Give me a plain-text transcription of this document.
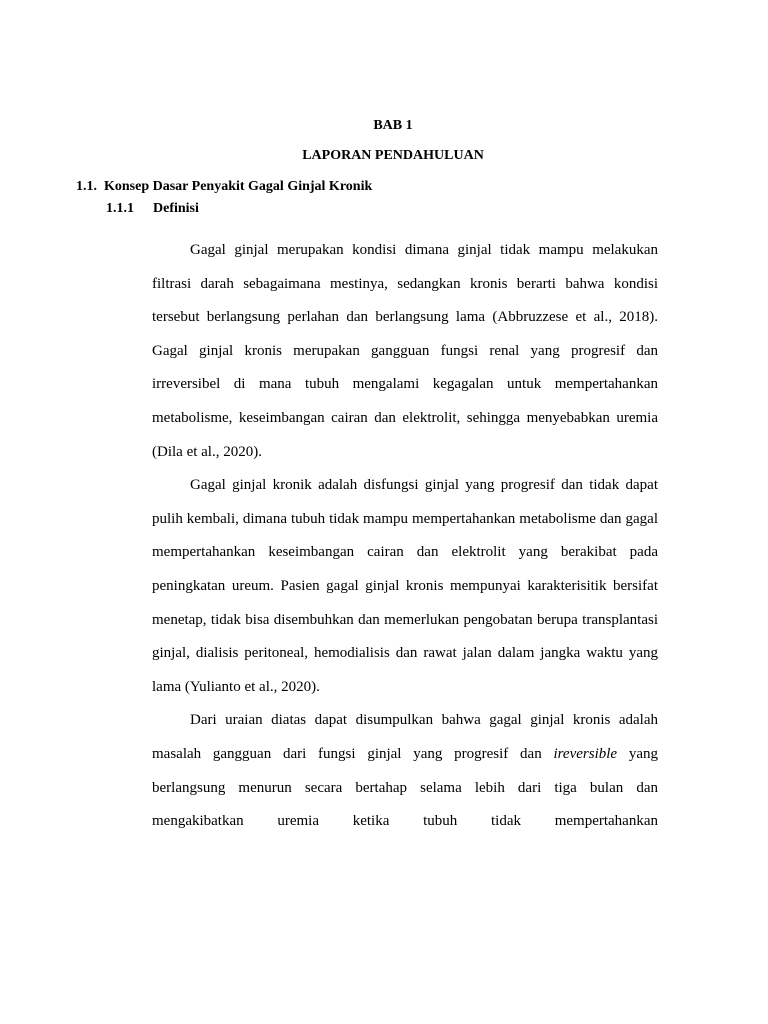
BAB 1
LAPORAN PENDAHULUAN
1.1. Konsep Dasar Penyakit Gagal Ginjal Kronik
1.1.1 Definisi

Gagal ginjal merupakan kondisi dimana ginjal tidak mampu melakukan filtrasi darah sebagaimana mestinya, sedangkan kronis berarti bahwa kondisi tersebut berlangsung perlahan dan berlangsung lama (Abbruzzese et al., 2018). Gagal ginjal kronis merupakan gangguan fungsi renal yang progresif dan irreversibel di mana tubuh mengalami kegagalan untuk mempertahankan metabolisme, keseimbangan cairan dan elektrolit, sehingga menyebabkan uremia (Dila et al., 2020).

Gagal ginjal kronik adalah disfungsi ginjal yang progresif dan tidak dapat pulih kembali, dimana tubuh tidak mampu mempertahankan metabolisme dan gagal mempertahankan keseimbangan cairan dan elektrolit yang berakibat pada peningkatan ureum. Pasien gagal ginjal kronis mempunyai karakterisitik bersifat menetap, tidak bisa disembuhkan dan memerlukan pengobatan berupa transplantasi ginjal, dialisis peritoneal, hemodialisis dan rawat jalan dalam jangka waktu yang lama (Yulianto et al., 2020).

Dari uraian diatas dapat disumpulkan bahwa gagal ginjal kronis adalah masalah gangguan dari fungsi ginjal yang progresif dan ireversible yang berlangsung menurun secara bertahap selama lebih dari tiga bulan dan mengakibatkan uremia ketika tubuh tidak mempertahankan
